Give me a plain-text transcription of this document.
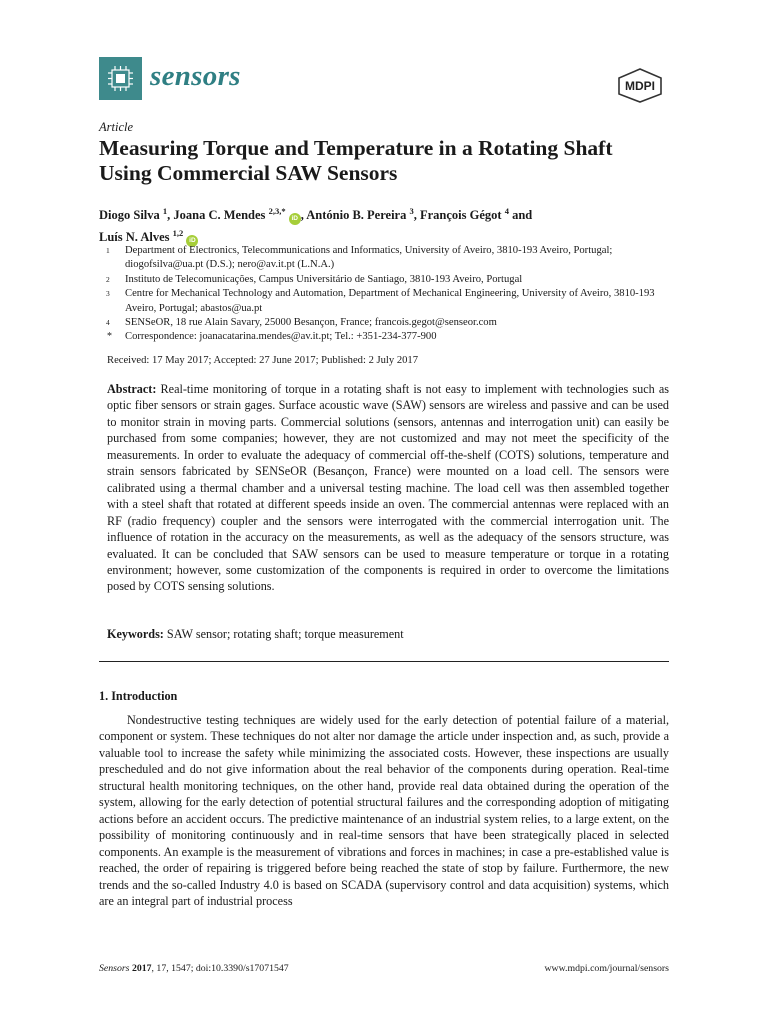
sensors	MDPI
Article
Measuring Torque and Temperature in a Rotating Shaft Using Commercial SAW Sensors
Diogo Silva $^1$, Joana C. Mendes $^{2,3,*}$ iD , António B. Pereira $^3$, François Gégot $^4$ and
Luís N. Alves $^{1,2}$ iD
1	Department of Electronics, Telecommunications and Informatics, University of Aveiro, 3810-193 Aveiro, Portugal; diogofsilva@ua.pt (D.S.); nero@av.it.pt (L.N.A.)
2	Instituto de Telecomunicações, Campus Universitário de Santiago, 3810-193 Aveiro, Portugal
3	Centre for Mechanical Technology and Automation, Department of Mechanical Engineering, University of Aveiro, 3810-193 Aveiro, Portugal; abastos@ua.pt
4	SENSeOR, 18 rue Alain Savary, 25000 Besançon, France; francois.gegot@senseor.com
*	Correspondence: joanacatarina.mendes@av.it.pt; Tel.: +351-234-377-900
Received: 17 May 2017; Accepted: 27 June 2017; Published: 2 July 2017

Abstract: Real-time monitoring of torque in a rotating shaft is not easy to implement with technologies such as optic fiber sensors or strain gages. Surface acoustic wave (SAW) sensors are wireless and passive and can be used to monitor strain in moving parts. Commercial solutions (sensors, antennas and interrogation unit) can easily be purchased from some companies; however, they are not customized and may not meet the specificity of the measurements. In order to evaluate the adequacy of commercial off-the-shelf (COTS) solutions, temperature and strain sensors fabricated by SENSeOR (Besançon, France) were mounted on a load cell. The sensors were calibrated using a thermal chamber and a universal testing machine. The load cell was then assembled together with a steel shaft that rotated at different speeds inside an oven. The commercial antennas were replaced with an RF (radio frequency) coupler and the sensors were interrogated with the commercial interrogation unit. The influence of rotation in the accuracy on the measurements, as well as the adequacy of the sensors structure, was evaluated. It can be concluded that SAW sensors can be used to measure temperature or torque in a rotating environment; however, some customization of the components is required in order to overcome the limitations posed by COTS sensing solutions.

Keywords: SAW sensor; rotating shaft; torque measurement

1. Introduction

Nondestructive testing techniques are widely used for the early detection of potential failure of a material, component or system. These techniques do not alter nor damage the article under inspection and, as such, provide a valuable tool to increase the safety while minimizing the associated costs. However, these inspections are usually prescheduled and do not give information about the real behavior of the components during operation. Real-time structural health monitoring techniques, on the other hand, provide real data obtained during the operation of the system, allowing for the early detection of potential structural failures and the corresponding adoption of mitigating actions before an accident occurs. The predictive maintenance of an industrial system relies, to a large extent, on the possibility of monitoring continuously and in real-time sensors that have been strategically placed in selected components. An example is the measurement of vibrations and forces in machines; in case a pre-established value is reached, the order of repairing is triggered before being reached the state of stop by failure. Furthermore, the new trends and the so-called Industry 4.0 is based on SCADA (supervisory control and data acquisition) systems, which are an integral part of industrial process

Sensors 2017, 17, 1547; doi:10.3390/s17071547	www.mdpi.com/journal/sensors
